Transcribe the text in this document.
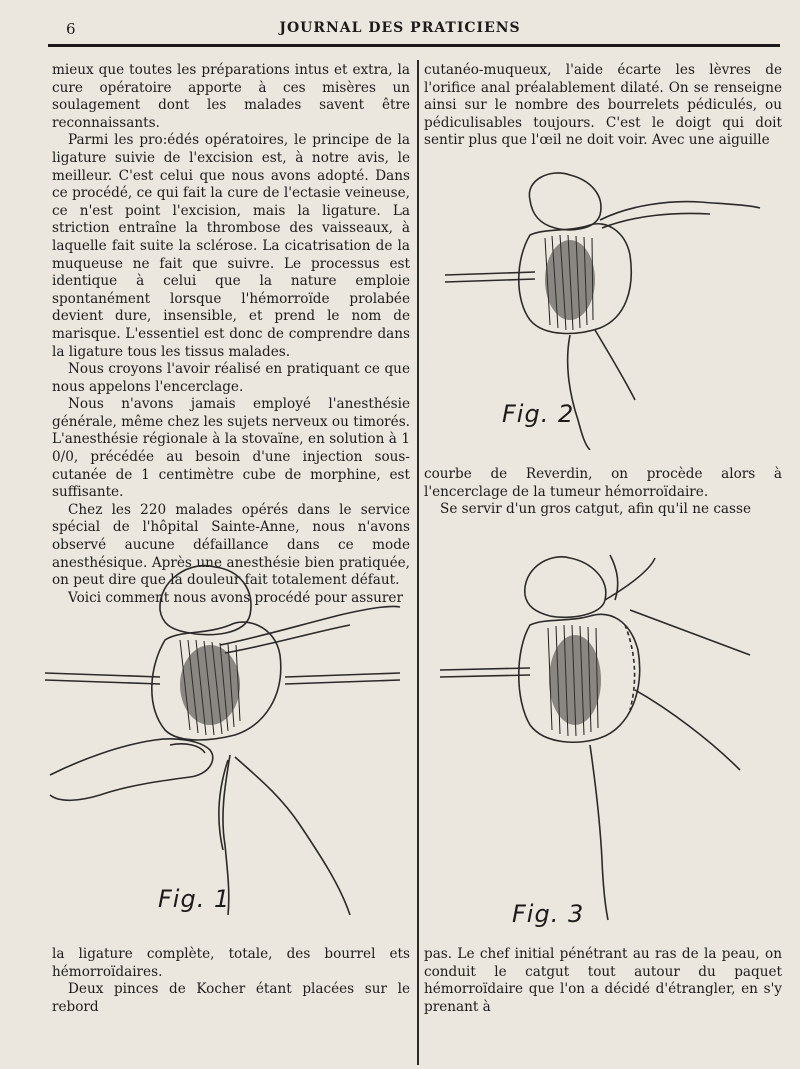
6	JOURNAL DES PRATICIENS

mieux que toutes les préparations intus et extra, la cure opératoire apporte à ces misères un soulagement dont les malades savent être reconnaissants.

Parmi les pro:édés opératoires, le principe de la ligature suivie de l'excision est, à notre avis, le meilleur. C'est celui que nous avons adopté. Dans ce procédé, ce qui fait la cure de l'ectasie veineuse, ce n'est point l'excision, mais la ligature. La striction entraîne la thrombose des vaisseaux, à laquelle fait suite la sclérose. La cicatrisation de la muqueuse ne fait que suivre. Le processus est identique à celui que la nature emploie spontanément lorsque l'hémorroïde prolabée devient dure, insensible, et prend le nom de marisque. L'essentiel est donc de comprendre dans la ligature tous les tissus malades.

Nous croyons l'avoir réalisé en pratiquant ce que nous appelons l'encerclage.

Nous n'avons jamais employé l'anesthésie générale, même chez les sujets nerveux ou timorés. L'anesthésie régionale à la stovaïne, en solution à 1 0/0, précédée au besoin d'une injection sous-cutanée de 1 centimètre cube de morphine, est suffisante.

Chez les 220 malades opérés dans le service spécial de l'hôpital Sainte-Anne, nous n'avons observé aucune défaillance dans ce mode anesthésique. Après une anesthésie bien pratiquée, on peut dire que la douleur fait totalement défaut.

Voici comment nous avons procédé pour assurer

Fig. 1

la ligature complète, totale, des bourrel ets hémorroïdaires.

Deux pinces de Kocher étant placées sur le rebord

cutanéo-muqueux, l'aide écarte les lèvres de l'orifice anal préalablement dilaté. On se renseigne ainsi sur le nombre des bourrelets pédiculés, ou pédiculisables toujours. C'est le doigt qui doit sentir plus que l'œil ne doit voir. Avec une aiguille

Fig. 2

courbe de Reverdin, on procède alors à l'encerclage de la tumeur hémorroïdaire.

Se servir d'un gros catgut, afin qu'il ne casse

Fig. 3

pas. Le chef initial pénétrant au ras de la peau, on conduit le catgut tout autour du paquet hémorroïdaire que l'on a décidé d'étrangler, en s'y prenant à
